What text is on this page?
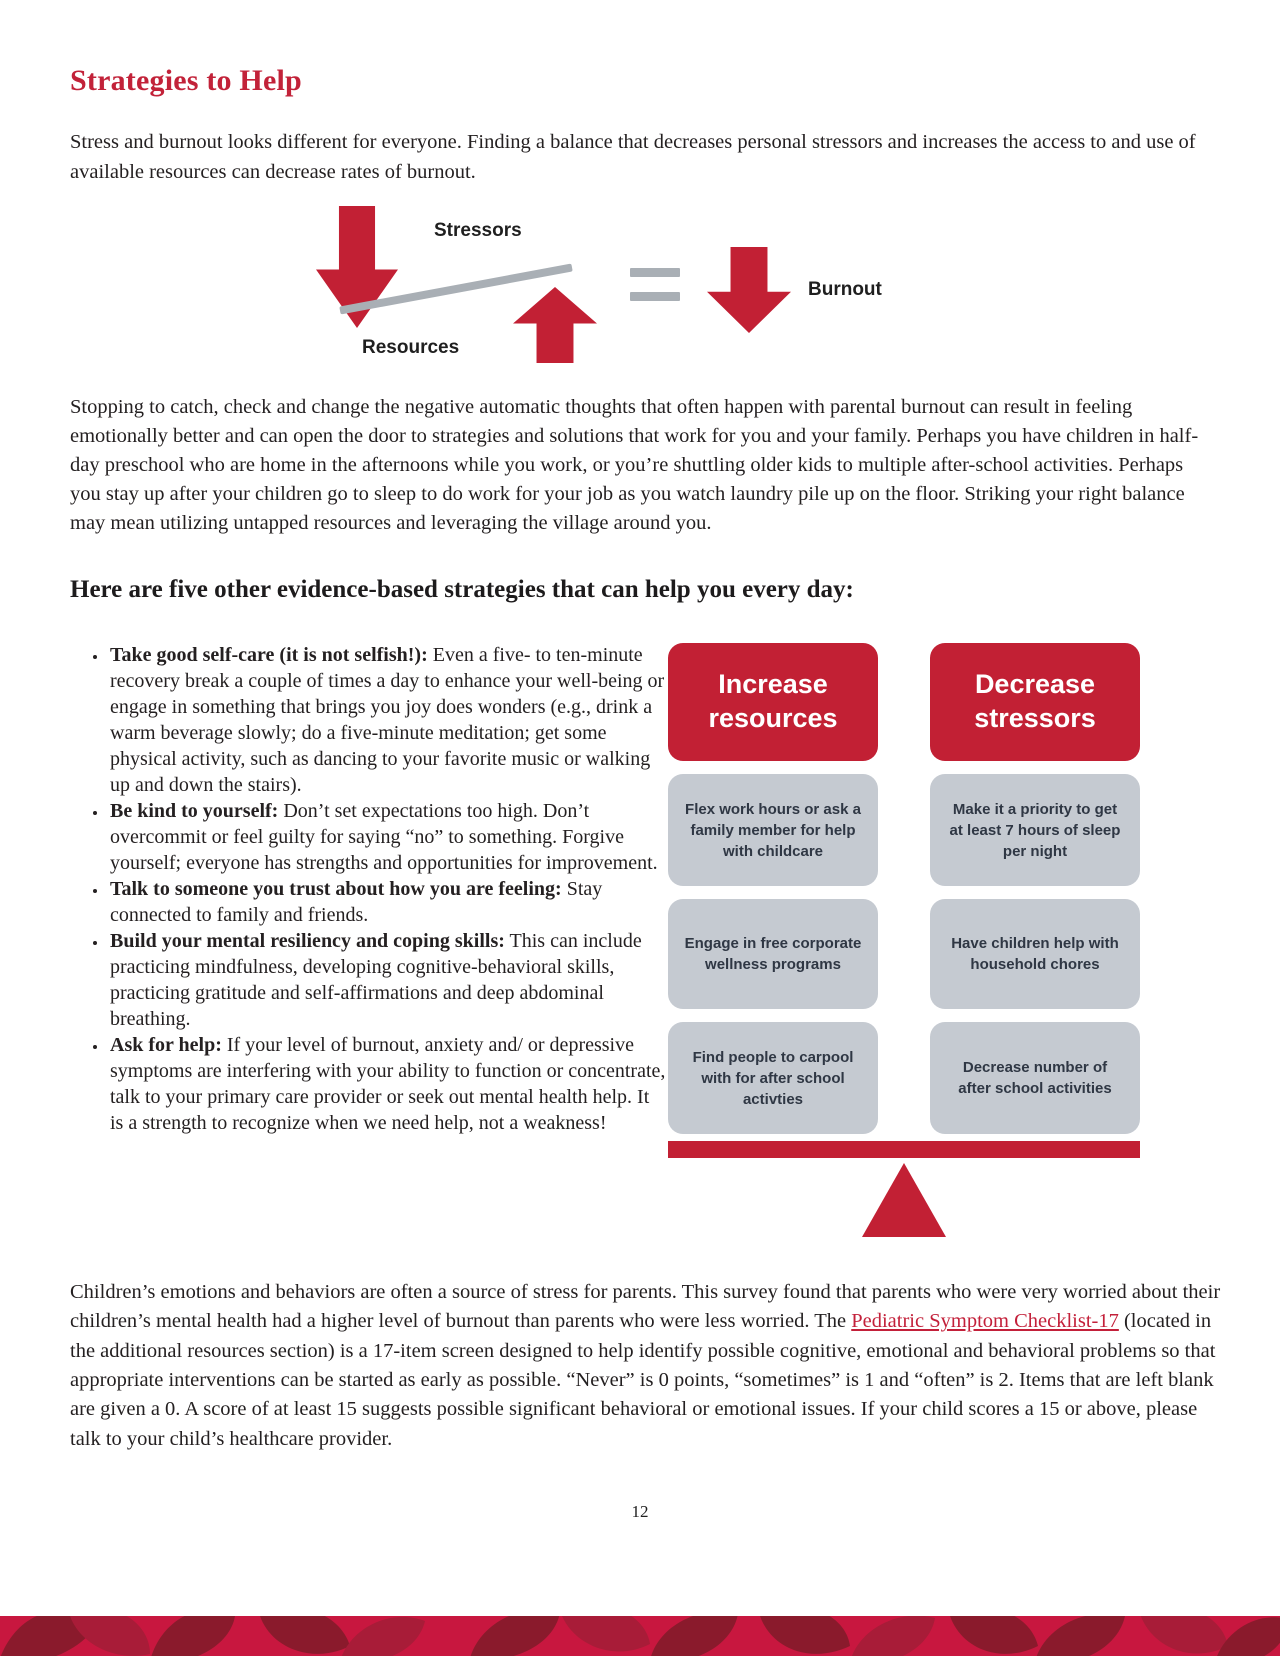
Strategies to Help

Stress and burnout looks different for everyone. Finding a balance that decreases personal stressors and increases the access to and use of available resources can decrease rates of burnout.

Stressors
Resources
Burnout

Stopping to catch, check and change the negative automatic thoughts that often happen with parental burnout can result in feeling emotionally better and can open the door to strategies and solutions that work for you and your family. Perhaps you have children in half-day preschool who are home in the afternoons while you work, or you’re shuttling older kids to multiple after-school activities. Perhaps you stay up after your children go to sleep to do work for your job as you watch laundry pile up on the floor. Striking your right balance may mean utilizing untapped resources and leveraging the village around you.

Here are five other evidence-based strategies that can help you every day:
• Take good self-care (it is not selfish!): Even a five- to ten-minute recovery break a couple of times a day to enhance your well-being or engage in something that brings you joy does wonders (e.g., drink a warm beverage slowly; do a five-minute meditation; get some physical activity, such as dancing to your favorite music or walking up and down the stairs).
• Be kind to yourself: Don’t set expectations too high. Don’t overcommit or feel guilty for saying “no” to something. Forgive yourself; everyone has strengths and opportunities for improvement.
• Talk to someone you trust about how you are feeling: Stay connected to family and friends.
• Build your mental resiliency and coping skills: This can include practicing mindfulness, developing cognitive-behavioral skills, practicing gratitude and self-affirmations and deep abdominal breathing.
• Ask for help: If your level of burnout, anxiety and/ or depressive symptoms are interfering with your ability to function or concentrate, talk to your primary care provider or seek out mental health help. It is a strength to recognize when we need help, not a weakness!
Increase resources
Decrease stressors
Flex work hours or ask a family member for help with childcare
Make it a priority to get at least 7 hours of sleep per night
Engage in free corporate wellness programs
Have children help with household chores
Find people to carpool with for after school activties
Decrease number of after school activities

Children’s emotions and behaviors are often a source of stress for parents. This survey found that parents who were very worried about their children’s mental health had a higher level of burnout than parents who were less worried. The Pediatric Symptom Checklist-17 (located in the additional resources section) is a 17-item screen designed to help identify possible cognitive, emotional and behavioral problems so that appropriate interventions can be started as early as possible. “Never” is 0 points, “sometimes” is 1 and “often” is 2. Items that are left blank are given a 0. A score of at least 15 suggests possible significant behavioral or emotional issues. If your child scores a 15 or above, please talk to your child’s healthcare provider.

12
